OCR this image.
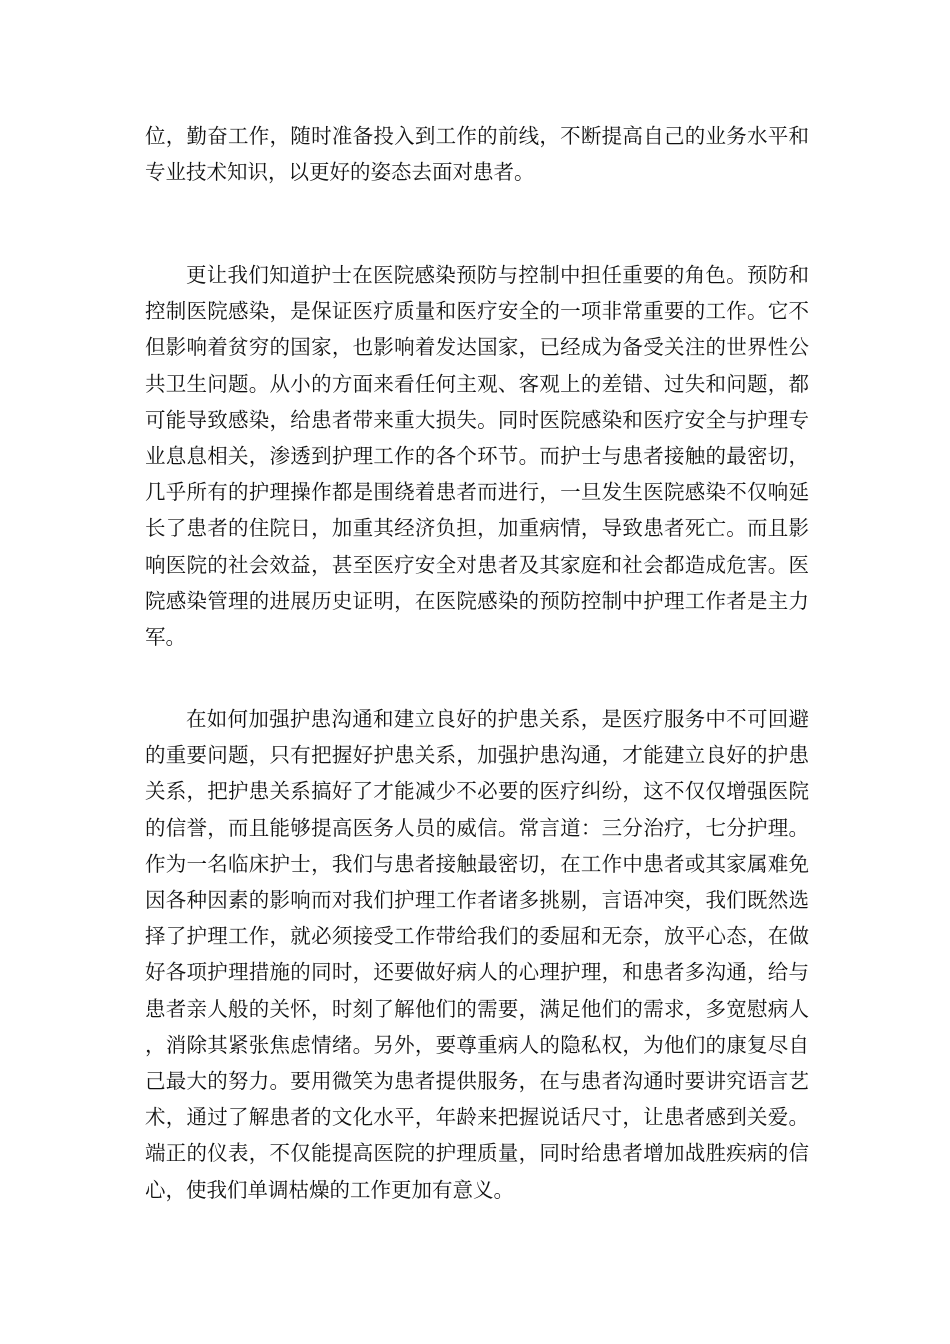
位，勤奋工作，随时准备投入到工作的前线，不断提高自己的业务水平和专业技术知识，以更好的姿态去面对患者。

更让我们知道护士在医院感染预防与控制中担任重要的角色。预防和控制医院感染，是保证医疗质量和医疗安全的一项非常重要的工作。它不但影响着贫穷的国家，也影响着发达国家，已经成为备受关注的世界性公共卫生问题。从小的方面来看任何主观、客观上的差错、过失和问题，都可能导致感染，给患者带来重大损失。同时医院感染和医疗安全与护理专业息息相关，渗透到护理工作的各个环节。而护士与患者接触的最密切，几乎所有的护理操作都是围绕着患者而进行，一旦发生医院感染不仅响延长了患者的住院日，加重其经济负担，加重病情，导致患者死亡。而且影响医院的社会效益，甚至医疗安全对患者及其家庭和社会都造成危害。医院感染管理的进展历史证明，在医院感染的预防控制中护理工作者是主力军。

在如何加强护患沟通和建立良好的护患关系，是医疗服务中不可回避的重要问题，只有把握好护患关系，加强护患沟通，才能建立良好的护患关系，把护患关系搞好了才能减少不必要的医疗纠纷，这不仅仅增强医院的信誉，而且能够提高医务人员的威信。常言道：三分治疗，七分护理。作为一名临床护士，我们与患者接触最密切，在工作中患者或其家属难免因各种因素的影响而对我们护理工作者诸多挑剔，言语冲突，我们既然选择了护理工作，就必须接受工作带给我们的委屈和无奈，放平心态，在做好各项护理措施的同时，还要做好病人的心理护理，和患者多沟通，给与患者亲人般的关怀，时刻了解他们的需要，满足他们的需求，多宽慰病人，消除其紧张焦虑情绪。另外，要尊重病人的隐私权，为他们的康复尽自己最大的努力。要用微笑为患者提供服务，在与患者沟通时要讲究语言艺术，通过了解患者的文化水平，年龄来把握说话尺寸，让患者感到关爱。端正的仪表，不仅能提高医院的护理质量，同时给患者增加战胜疾病的信心，使我们单调枯燥的工作更加有意义。
